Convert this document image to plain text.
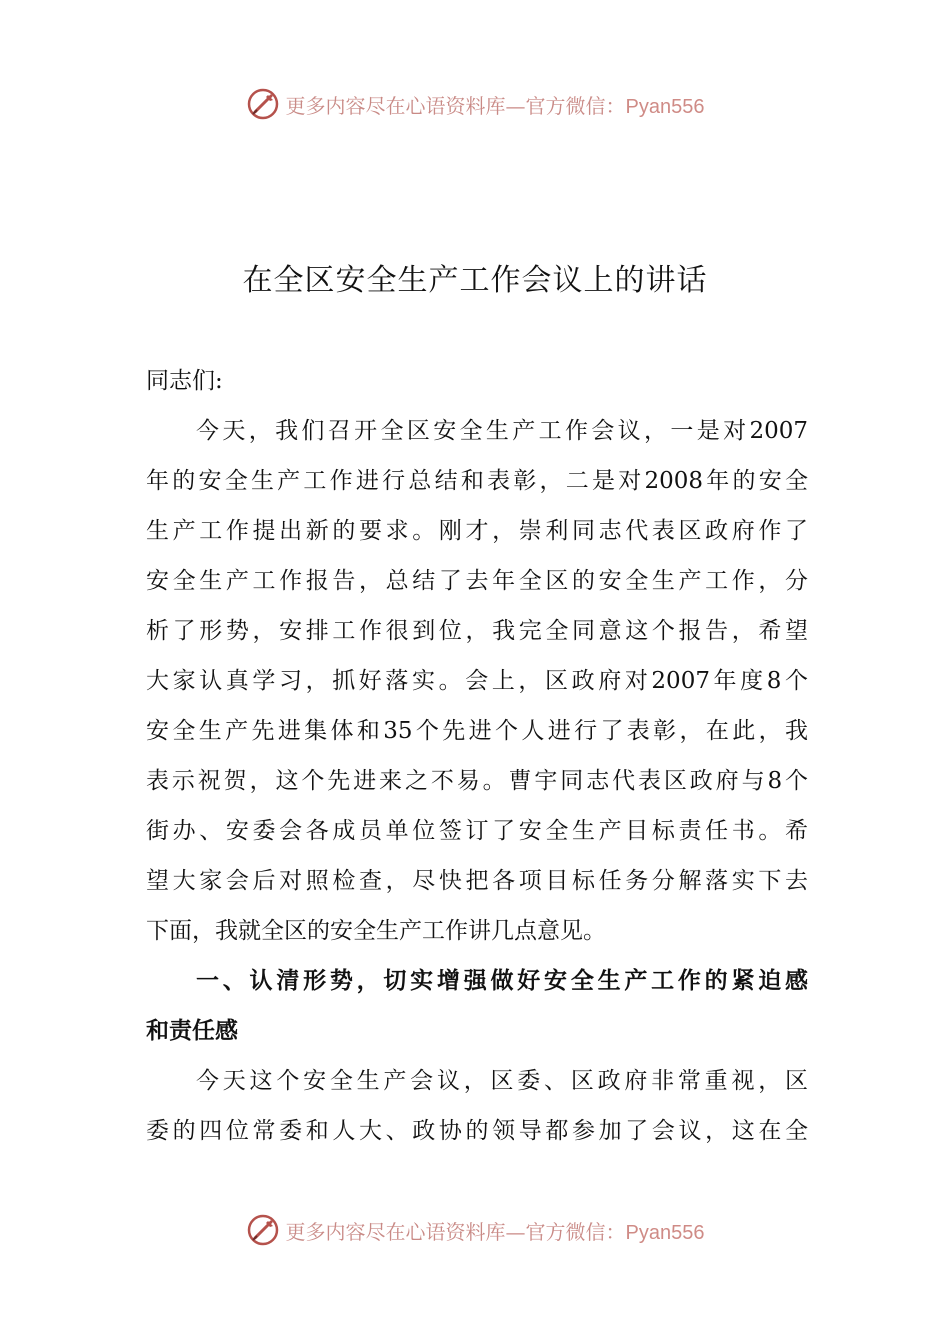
更多内容尽在心语资料库—官方微信：Pyan556
在全区安全生产工作会议上的讲话
同志们:
今天，我们召开全区安全生产工作会议，一是对2007
年的安全生产工作进行总结和表彰，二是对2008年的安全
生产工作提出新的要求。刚才，崇利同志代表区政府作了
安全生产工作报告，总结了去年全区的安全生产工作，分
析了形势，安排工作很到位，我完全同意这个报告，希望
大家认真学习，抓好落实。会上，区政府对2007年度8个
安全生产先进集体和35个先进个人进行了表彰，在此，我
表示祝贺，这个先进来之不易。曹宇同志代表区政府与8个
街办、安委会各成员单位签订了安全生产目标责任书。希
望大家会后对照检查，尽快把各项目标任务分解落实下去
下面，我就全区的安全生产工作讲几点意见。
一、认清形势，切实增强做好安全生产工作的紧迫感
和责任感
今天这个安全生产会议，区委、区政府非常重视，区
委的四位常委和人大、政协的领导都参加了会议，这在全
更多内容尽在心语资料库—官方微信：Pyan556
